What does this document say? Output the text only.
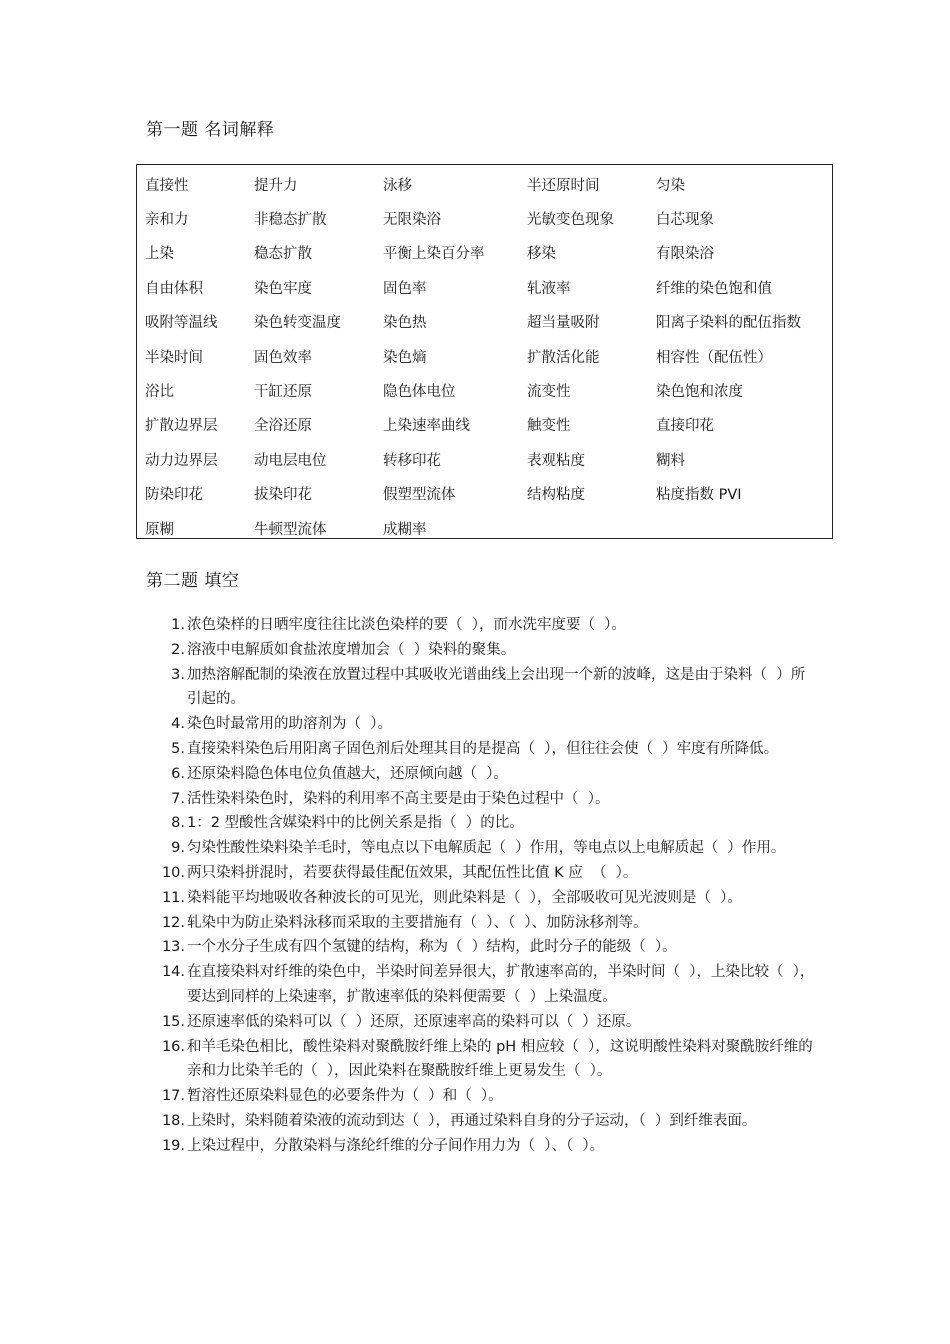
第一题 名词解释
直接性	提升力	泳移	半还原时间	匀染
亲和力	非稳态扩散	无限染浴	光敏变色现象	白芯现象
上染	稳态扩散	平衡上染百分率	移染	有限染浴
自由体积	染色牢度	固色率	轧液率	纤维的染色饱和值
吸附等温线	染色转变温度	染色热	超当量吸附	阳离子染料的配伍指数
半染时间	固色效率	染色熵	扩散活化能	相容性（配伍性）
浴比	干缸还原	隐色体电位	流变性	染色饱和浓度
扩散边界层	全浴还原	上染速率曲线	触变性	直接印花
动力边界层	动电层电位	转移印花	表观粘度	糊料
防染印花	拔染印花	假塑型流体	结构粘度	粘度指数 PVI
原糊	牛顿型流体	成糊率		
第二题 填空
1. 浓色染样的日晒牢度往往比淡色染样的要（  ），而水洗牢度要（  ）。
2. 溶液中电解质如食盐浓度增加会（  ）染料的聚集。
3. 加热溶解配制的染液在放置过程中其吸收光谱曲线上会出现一个新的波峰，这是由于染料（  ）所引起的。
4. 染色时最常用的助溶剂为（  ）。
5. 直接染料染色后用阳离子固色剂后处理其目的是提高（  ），但往往会使（  ）牢度有所降低。
6. 还原染料隐色体电位负值越大，还原倾向越（  ）。
7. 活性染料染色时，染料的利用率不高主要是由于染色过程中（  ）。
8. 1：2 型酸性含媒染料中的比例关系是指（  ）的比。
9. 匀染性酸性染料染羊毛时，等电点以下电解质起（  ）作用，等电点以上电解质起（  ）作用。
10. 两只染料拼混时，若要获得最佳配伍效果，其配伍性比值 K 应  （  ）。
11. 染料能平均地吸收各种波长的可见光，则此染料是（  ），全部吸收可见光波则是（  ）。
12. 轧染中为防止染料泳移而采取的主要措施有（  ）、（  ）、加防泳移剂等。
13. 一个水分子生成有四个氢键的结构，称为（  ）结构，此时分子的能级（  ）。
14. 在直接染料对纤维的染色中，半染时间差异很大，扩散速率高的，半染时间（  ），上染比较（  ），要达到同样的上染速率，扩散速率低的染料便需要（  ）上染温度。
15. 还原速率低的染料可以（  ）还原，还原速率高的染料可以（  ）还原。
16. 和羊毛染色相比，酸性染料对聚酰胺纤维上染的 pH 相应较（  ），这说明酸性染料对聚酰胺纤维的亲和力比染羊毛的（  ），因此染料在聚酰胺纤维上更易发生（  ）。
17. 暂溶性还原染料显色的必要条件为（  ）和（  ）。
18. 上染时，染料随着染液的流动到达（  ），再通过染料自身的分子运动，（  ）到纤维表面。
19. 上染过程中，分散染料与涤纶纤维的分子间作用力为（  ）、（  ）。
